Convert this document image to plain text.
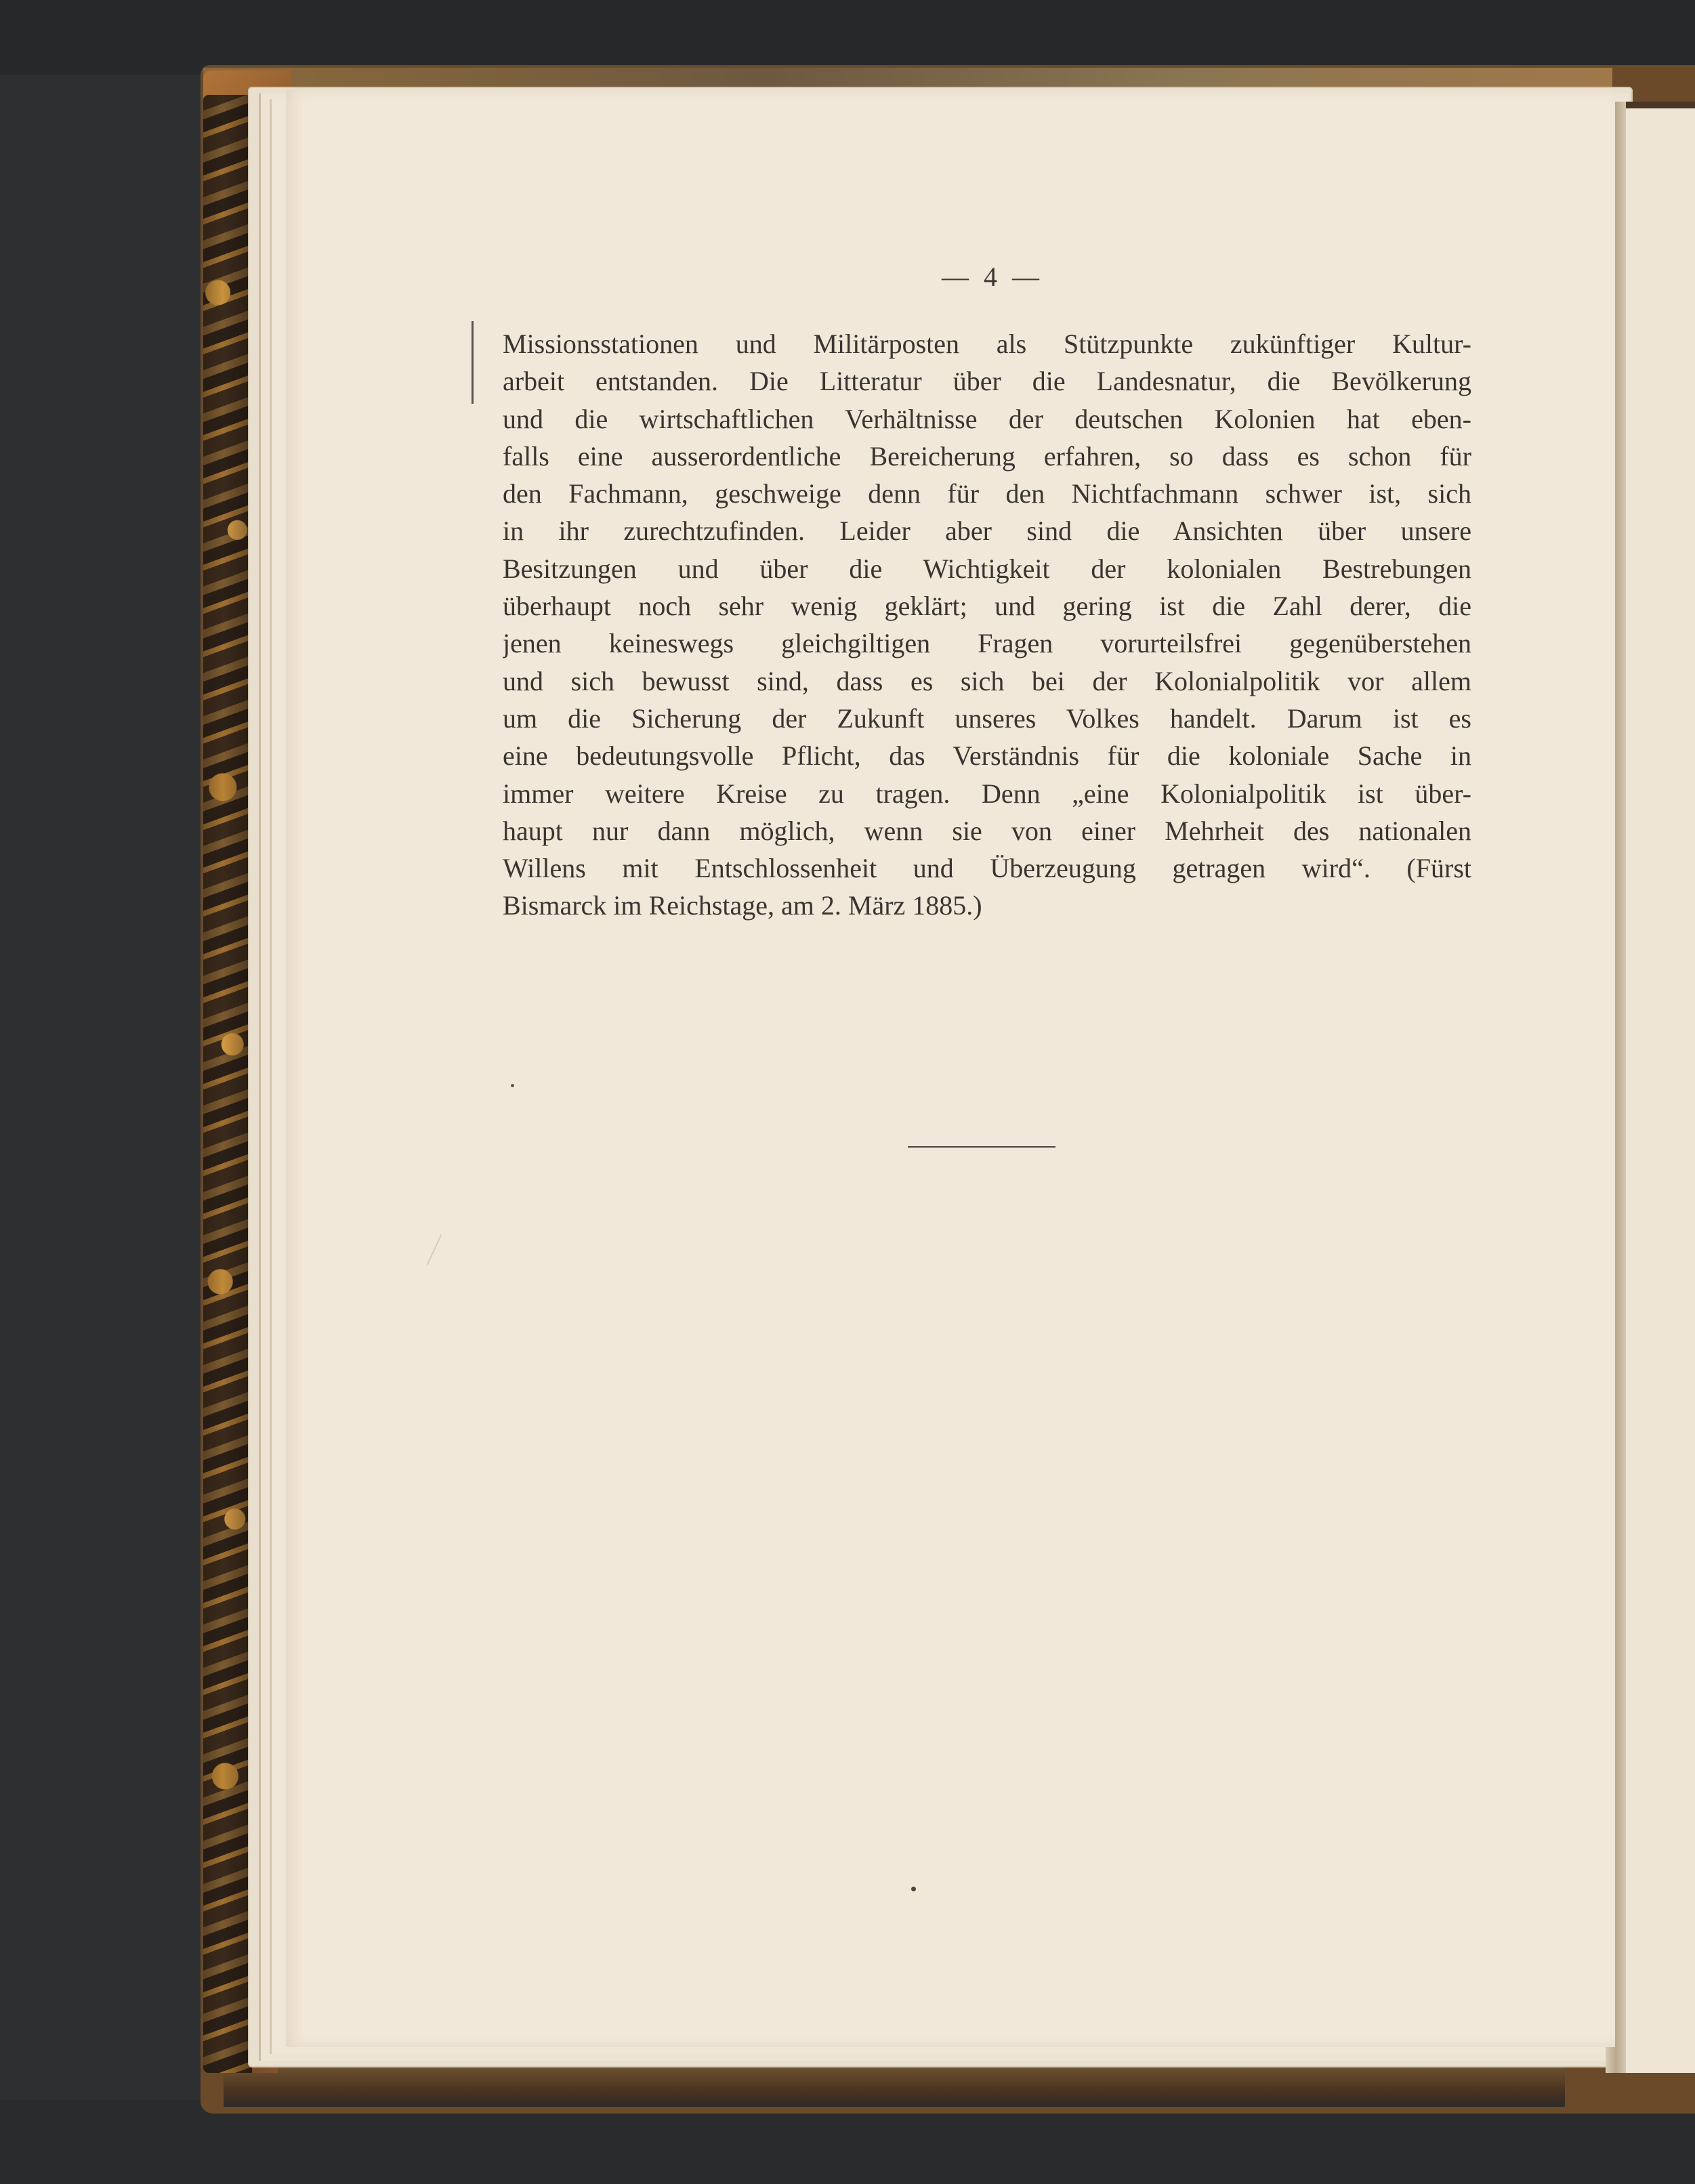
— 4 —
Missionsstationen und Militärposten als Stützpunkte zukünftiger Kultur-
arbeit entstanden. Die Litteratur über die Landesnatur, die Bevölkerung
und die wirtschaftlichen Verhältnisse der deutschen Kolonien hat eben-
falls eine ausserordentliche Bereicherung erfahren, so dass es schon für
den Fachmann, geschweige denn für den Nichtfachmann schwer ist, sich
in ihr zurechtzufinden. Leider aber sind die Ansichten über unsere
Besitzungen und über die Wichtigkeit der kolonialen Bestrebungen
überhaupt noch sehr wenig geklärt; und gering ist die Zahl derer, die
jenen keineswegs gleichgiltigen Fragen vorurteilsfrei gegenüberstehen
und sich bewusst sind, dass es sich bei der Kolonialpolitik vor allem
um die Sicherung der Zukunft unseres Volkes handelt. Darum ist es
eine bedeutungsvolle Pflicht, das Verständnis für die koloniale Sache in
immer weitere Kreise zu tragen. Denn „eine Kolonialpolitik ist über-
haupt nur dann möglich, wenn sie von einer Mehrheit des nationalen
Willens mit Entschlossenheit und Überzeugung getragen wird“. (Fürst
Bismarck im Reichstage, am 2. März 1885.)
